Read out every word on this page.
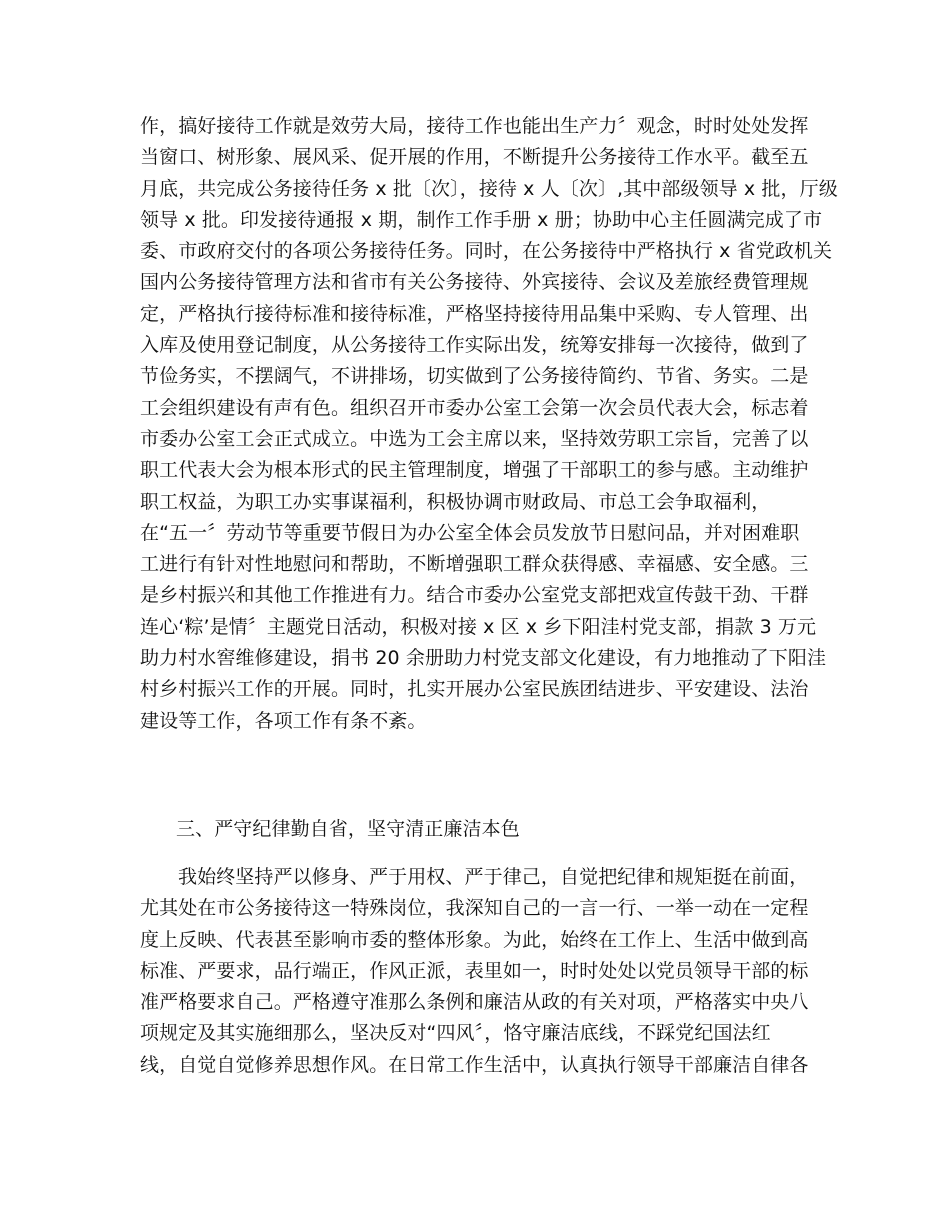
作，搞好接待工作就是效劳大局，接待工作也能出生产力〞观念，时时处处发挥
当窗口、树形象、展风采、促开展的作用，不断提升公务接待工作水平。截至五
月底，共完成公务接待任务 x 批〔次〕，接待 x 人〔次〕,其中部级领导 x 批，厅级
领导 x 批。印发接待通报 x 期，制作工作手册 x 册；协助中心主任圆满完成了市
委、市政府交付的各项公务接待任务。同时，在公务接待中严格执行 x 省党政机关
国内公务接待管理方法和省市有关公务接待、外宾接待、会议及差旅经费管理规
定，严格执行接待标准和接待标准，严格坚持接待用品集中采购、专人管理、出
入库及使用登记制度，从公务接待工作实际出发，统筹安排每一次接待，做到了
节俭务实，不摆阔气，不讲排场，切实做到了公务接待简约、节省、务实。二是
工会组织建设有声有色。组织召开市委办公室工会第一次会员代表大会，标志着
市委办公室工会正式成立。中选为工会主席以来，坚持效劳职工宗旨，完善了以
职工代表大会为根本形式的民主管理制度，增强了干部职工的参与感。主动维护
职工权益，为职工办实事谋福利，积极协调市财政局、市总工会争取福利，
在“五一〞劳动节等重要节假日为办公室全体会员发放节日慰问品，并对困难职
工进行有针对性地慰问和帮助，不断增强职工群众获得感、幸福感、安全感。三
是乡村振兴和其他工作推进有力。结合市委办公室党支部把戏宣传鼓干劲、干群
连心‘粽’是情〞主题党日活动，积极对接 x 区 x 乡下阳洼村党支部，捐款 3 万元
助力村水窖维修建设，捐书 20 余册助力村党支部文化建设，有力地推动了下阳洼
村乡村振兴工作的开展。同时，扎实开展办公室民族团结进步、平安建设、法治
建设等工作，各项工作有条不紊。
三、严守纪律勤自省，坚守清正廉洁本色
我始终坚持严以修身、严于用权、严于律己，自觉把纪律和规矩挺在前面，
尤其处在市公务接待这一特殊岗位，我深知自己的一言一行、一举一动在一定程
度上反映、代表甚至影响市委的整体形象。为此，始终在工作上、生活中做到高
标准、严要求，品行端正，作风正派，表里如一，时时处处以党员领导干部的标
准严格要求自己。严格遵守准那么条例和廉洁从政的有关对项，严格落实中央八
项规定及其实施细那么，坚决反对“四风〞，恪守廉洁底线，不踩党纪国法红
线，自觉自觉修养思想作风。在日常工作生活中，认真执行领导干部廉洁自律各
